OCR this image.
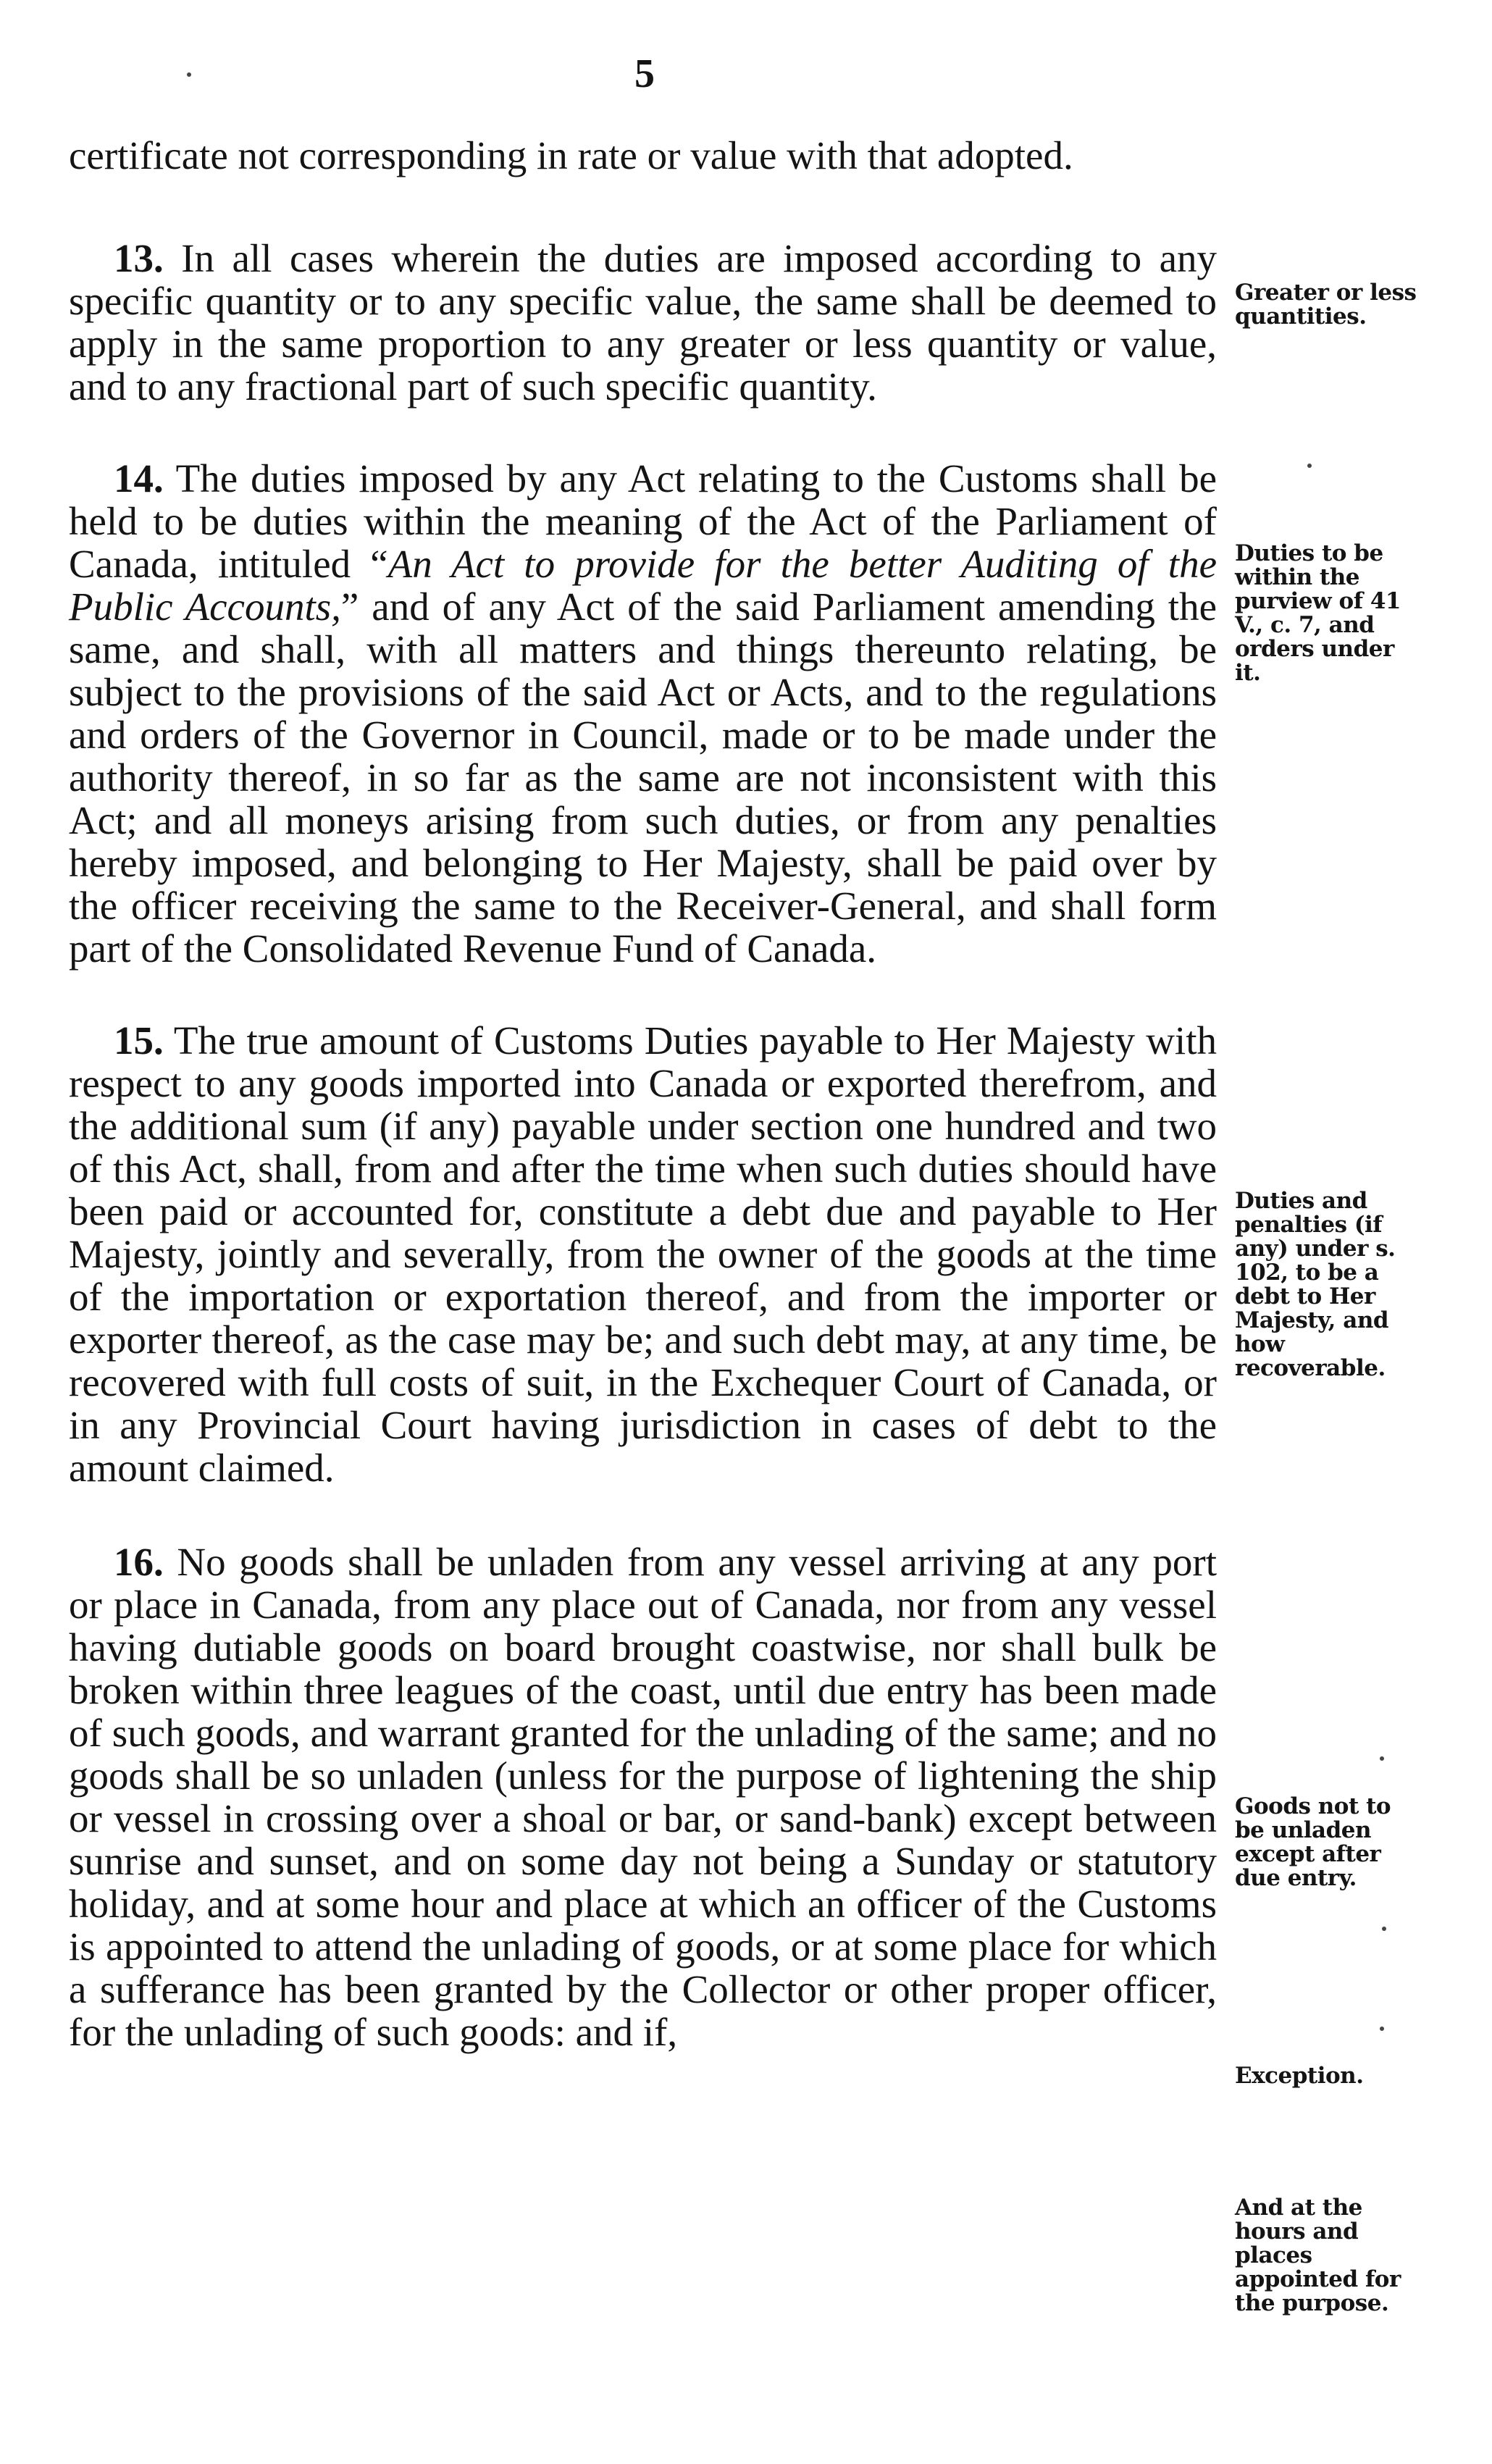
5

certificate not corresponding in rate or value with that adopted.

13. In all cases wherein the duties are imposed according to any specific quantity or to any specific value, the same shall be deemed to apply in the same proportion to any greater or less quantity or value, and to any fractional part of such specific quantity.

14. The duties imposed by any Act relating to the Customs shall be held to be duties within the meaning of the Act of the Parliament of Canada, intituled “An Act to provide for the better Auditing of the Public Accounts,” and of any Act of the said Parliament amending the same, and shall, with all matters and things thereunto relating, be subject to the provisions of the said Act or Acts, and to the regulations and orders of the Governor in Council, made or to be made under the authority thereof, in so far as the same are not inconsistent with this Act; and all moneys arising from such duties, or from any penalties hereby imposed, and belonging to Her Majesty, shall be paid over by the officer receiving the same to the Receiver-General, and shall form part of the Consolidated Revenue Fund of Canada.

15. The true amount of Customs Duties payable to Her Majesty with respect to any goods imported into Canada or exported therefrom, and the additional sum (if any) payable under section one hundred and two of this Act, shall, from and after the time when such duties should have been paid or accounted for, constitute a debt due and payable to Her Majesty, jointly and severally, from the owner of the goods at the time of the importation or exportation thereof, and from the importer or exporter thereof, as the case may be; and such debt may, at any time, be recovered with full costs of suit, in the Exchequer Court of Canada, or in any Provincial Court having jurisdiction in cases of debt to the amount claimed.

16. No goods shall be unladen from any vessel arriving at any port or place in Canada, from any place out of Canada, nor from any vessel having dutiable goods on board brought coastwise, nor shall bulk be broken within three leagues of the coast, until due entry has been made of such goods, and warrant granted for the unlading of the same; and no goods shall be so unladen (unless for the purpose of lightening the ship or vessel in crossing over a shoal or bar, or sand-bank) except between sunrise and sunset, and on some day not being a Sunday or statutory holiday, and at some hour and place at which an officer of the Customs is appointed to attend the unlading of goods, or at some place for which a sufferance has been granted by the Collector or other proper officer, for the unlading of such goods: and if,

Greater or less quantities.
Duties to be within the purview of 41 V., c. 7, and orders under it.
Duties and penalties (if any) under s. 102, to be a debt to Her Majesty, and how recoverable.
Goods not to be unladen except after due entry.
Exception.
And at the hours and places appointed for the purpose.
